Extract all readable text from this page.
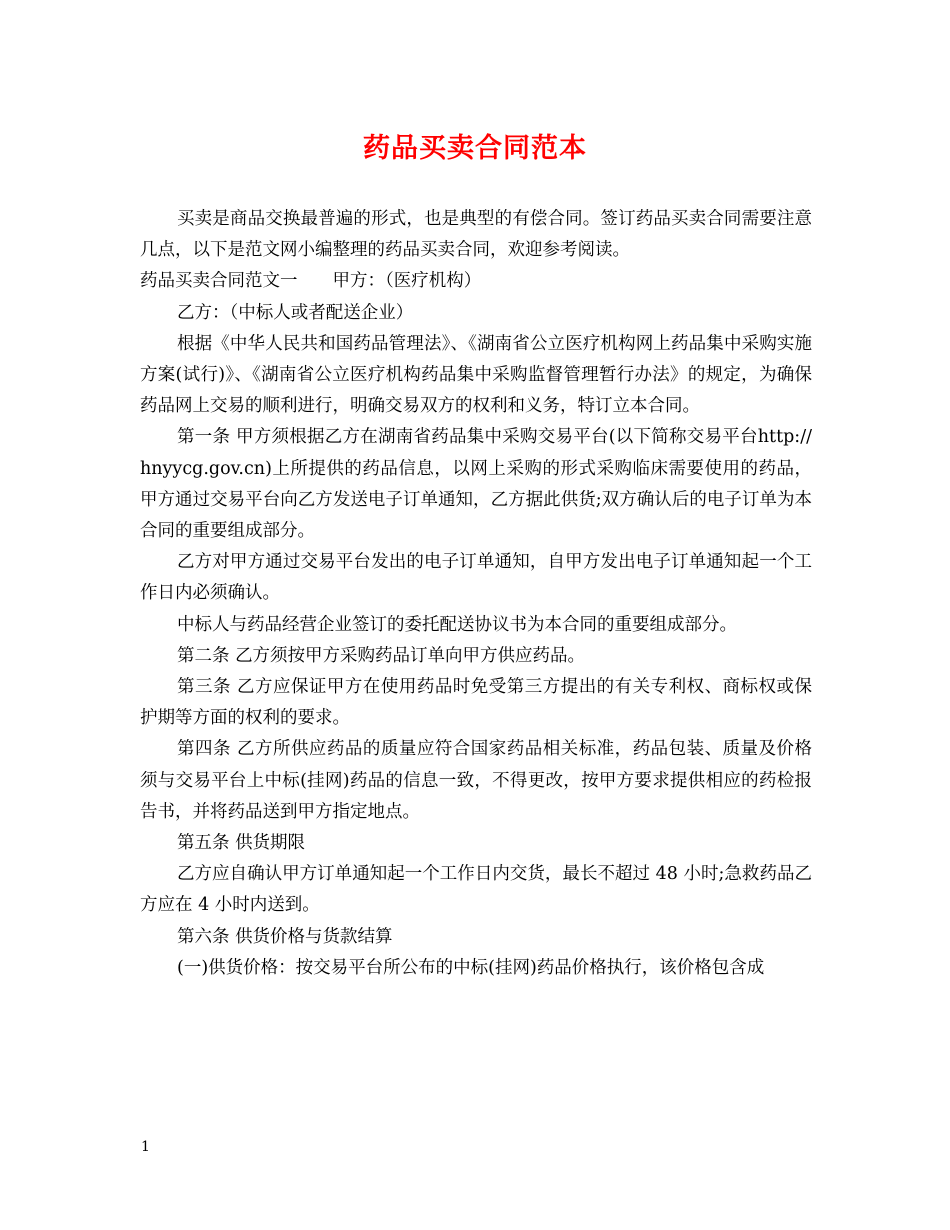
药品买卖合同范本

买卖是商品交换最普遍的形式，也是典型的有偿合同。签订药品买卖合同需要注意几点，以下是范文网小编整理的药品买卖合同，欢迎参考阅读。

药品买卖合同范文一　　甲方：（医疗机构）

乙方：（中标人或者配送企业）

根据《中华人民共和国药品管理法》、《湖南省公立医疗机构网上药品集中采购实施方案(试行)》、《湖南省公立医疗机构药品集中采购监督管理暂行办法》的规定，为确保药品网上交易的顺利进行，明确交易双方的权利和义务，特订立本合同。

第一条 甲方须根据乙方在湖南省药品集中采购交易平台(以下简称交易平台http:// hnyycg.gov.cn)上所提供的药品信息，以网上采购的形式采购临床需要使用的药品，甲方通过交易平台向乙方发送电子订单通知，乙方据此供货;双方确认后的电子订单为本合同的重要组成部分。

乙方对甲方通过交易平台发出的电子订单通知，自甲方发出电子订单通知起一个工作日内必须确认。

中标人与药品经营企业签订的委托配送协议书为本合同的重要组成部分。

第二条 乙方须按甲方采购药品订单向甲方供应药品。

第三条 乙方应保证甲方在使用药品时免受第三方提出的有关专利权、商标权或保护期等方面的权利的要求。

第四条 乙方所供应药品的质量应符合国家药品相关标准，药品包装、质量及价格须与交易平台上中标(挂网)药品的信息一致，不得更改，按甲方要求提供相应的药检报告书，并将药品送到甲方指定地点。

第五条 供货期限

乙方应自确认甲方订单通知起一个工作日内交货，最长不超过 48 小时;急救药品乙方应在 4 小时内送到。

第六条 供货价格与货款结算

(一)供货价格：按交易平台所公布的中标(挂网)药品价格执行，该价格包含成

1
